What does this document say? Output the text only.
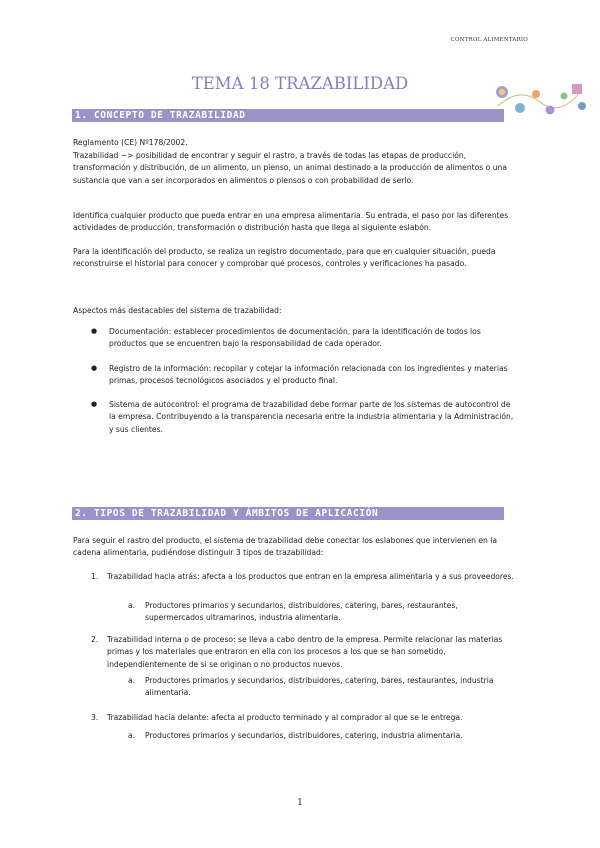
CONTROL ALIMENTARIO
TEMA 18 TRAZABILIDAD
1. CONCEPTO DE TRAZABILIDAD

Reglamento (CE) Nº178/2002.

Trazabilidad ~> posibilidad de encontrar y seguir el rastro, a través de todas las etapas de producción, transformación y distribución, de un alimento, un pienso, un animal destinado a la producción de alimentos o una sustancia que van a ser incorporados en alimentos o piensos o con probabilidad de serlo.

Identifica cualquier producto que pueda entrar en una empresa alimentaria. Su entrada, el paso por las diferentes actividades de producción, transformación o distribución hasta que llega al siguiente eslabón.

Para la identificación del producto, se realiza un registro documentado, para que en cualquier situación, pueda reconstruirse el historial para conocer y comprobar qué procesos, controles y verificaciones ha pasado.

Aspectos más destacables del sistema de trazabilidad:

● Documentación: establecer procedimientos de documentación, para la identificación de todos los productos que se encuentren bajo la responsabilidad de cada operador.

● Registro de la información: recopilar y cotejar la información relacionada con los ingredientes y materias primas, procesos tecnológicos asociados y el producto final.

● Sistema de autocontrol: el programa de trazabilidad debe formar parte de los sistemas de autocontrol de la empresa. Contribuyendo a la transparencia necesaria entre la industria alimentaria y la Administración, y sus clientes.

2. TIPOS DE TRAZABILIDAD Y ÁMBITOS DE APLICACIÓN

Para seguir el rastro del producto, el sistema de trazabilidad debe conectar los eslabones que intervienen en la cadena alimentaria, pudiéndose distinguir 3 tipos de trazabilidad:

1. Trazabilidad hacia atrás: afecta a los productos que entran en la empresa alimentaria y a sus proveedores.

a. Productores primarios y secundarios, distribuidores, catering, bares, restaurantes, supermercados ultramarinos, industria alimentaria.

2. Trazabilidad interna o de proceso: se lleva a cabo dentro de la empresa. Permite relacionar las materias primas y los materiales que entraron en ella con los procesos a los que se han sometido, independientemente de si se originan o no productos nuevos.

a. Productores primarios y secundarios, distribuidores, catering, bares, restaurantes, industria alimentaria.

3. Trazabilidad hacia delante: afecta al producto terminado y al comprador al que se le entrega.

a. Productores primarios y secundarios, distribuidores, catering, industria alimentaria.

1
